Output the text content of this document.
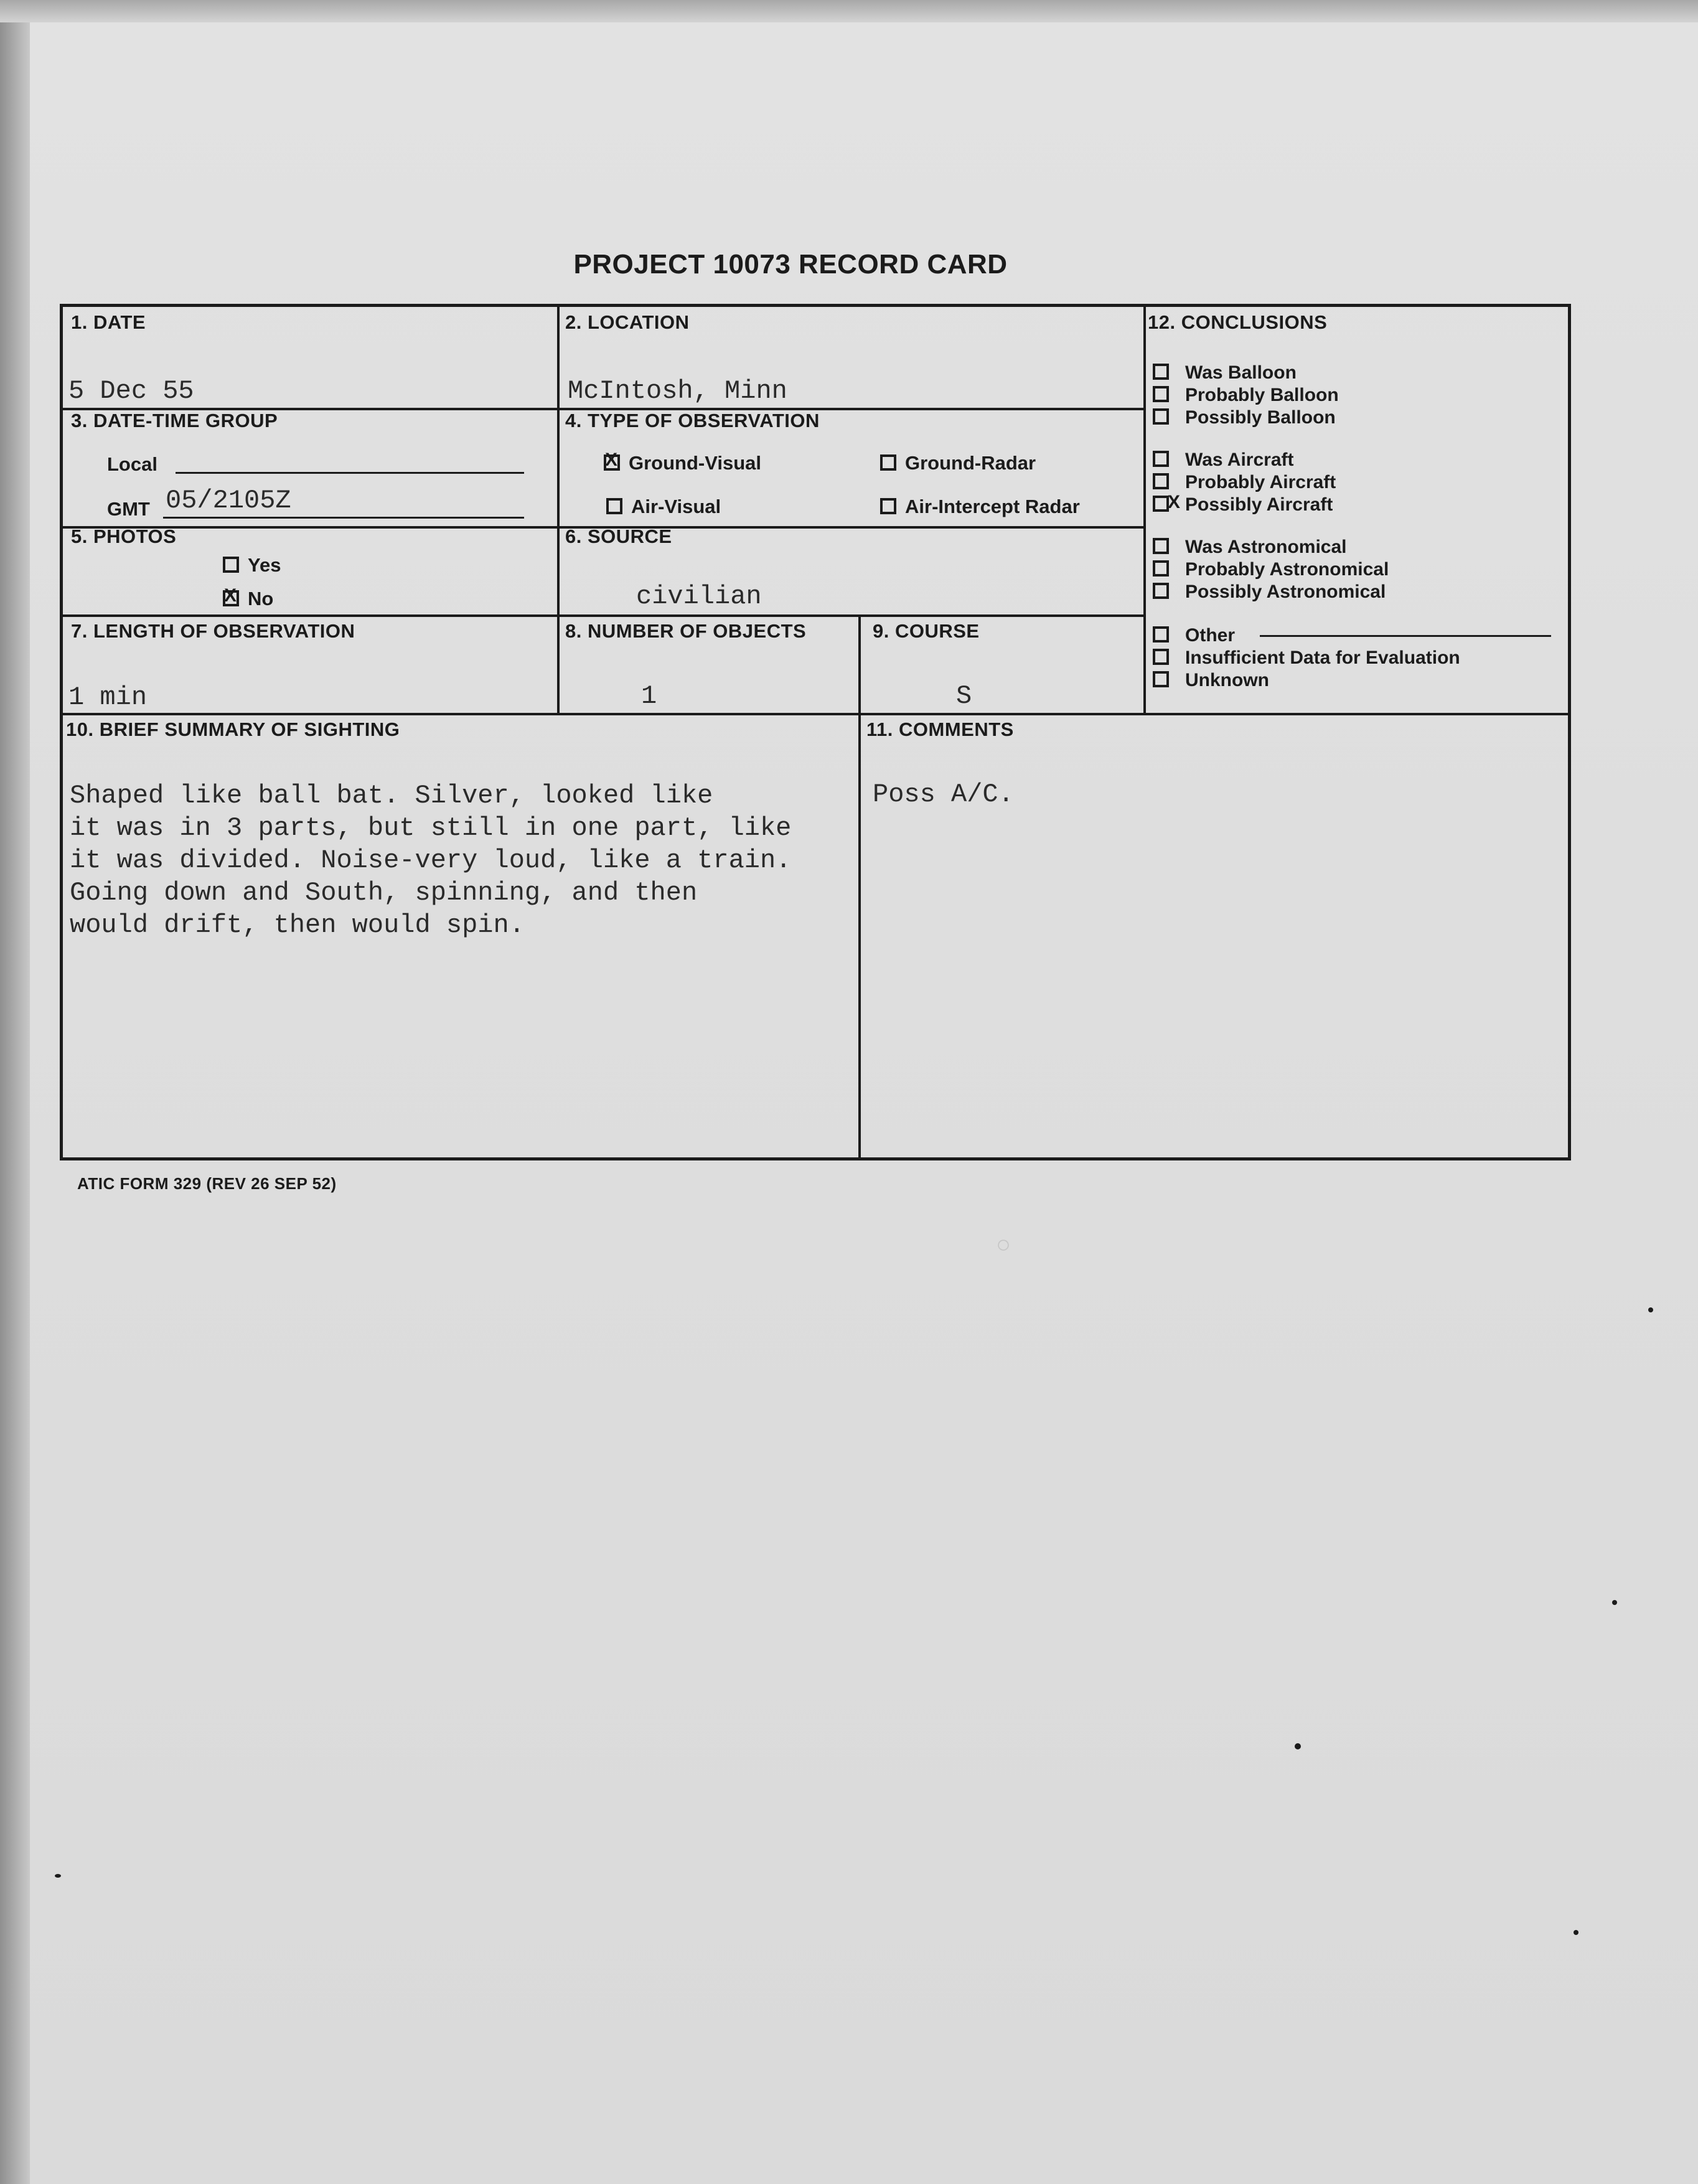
○
PROJECT 10073 RECORD CARD
1. DATE
5 Dec 55
2. LOCATION
McIntosh, Minn
3. DATE-TIME GROUP
Local
GMT 05/2105Z
4. TYPE OF OBSERVATION
X Ground-Visual	Ground-Radar
Air-Visual	Air-Intercept Radar
5. PHOTOS
Yes
X No
6. SOURCE
civilian
7. LENGTH OF OBSERVATION
1 min
8. NUMBER OF OBJECTS
1
9. COURSE
S
10. BRIEF SUMMARY OF SIGHTING
Shaped like ball bat. Silver, looked like
it was in 3 parts, but still in one part, like
it was divided. Noise-very loud, like a train.
Going down and South, spinning, and then
would drift, then would spin.
11. COMMENTS
Poss A/C.
12. CONCLUSIONS
Was Balloon
Probably Balloon
Possibly Balloon
Was Aircraft
Probably Aircraft
X Possibly Aircraft
Was Astronomical
Probably Astronomical
Possibly Astronomical
Other
Insufficient Data for Evaluation
Unknown
ATIC FORM 329 (REV 26 SEP 52)
